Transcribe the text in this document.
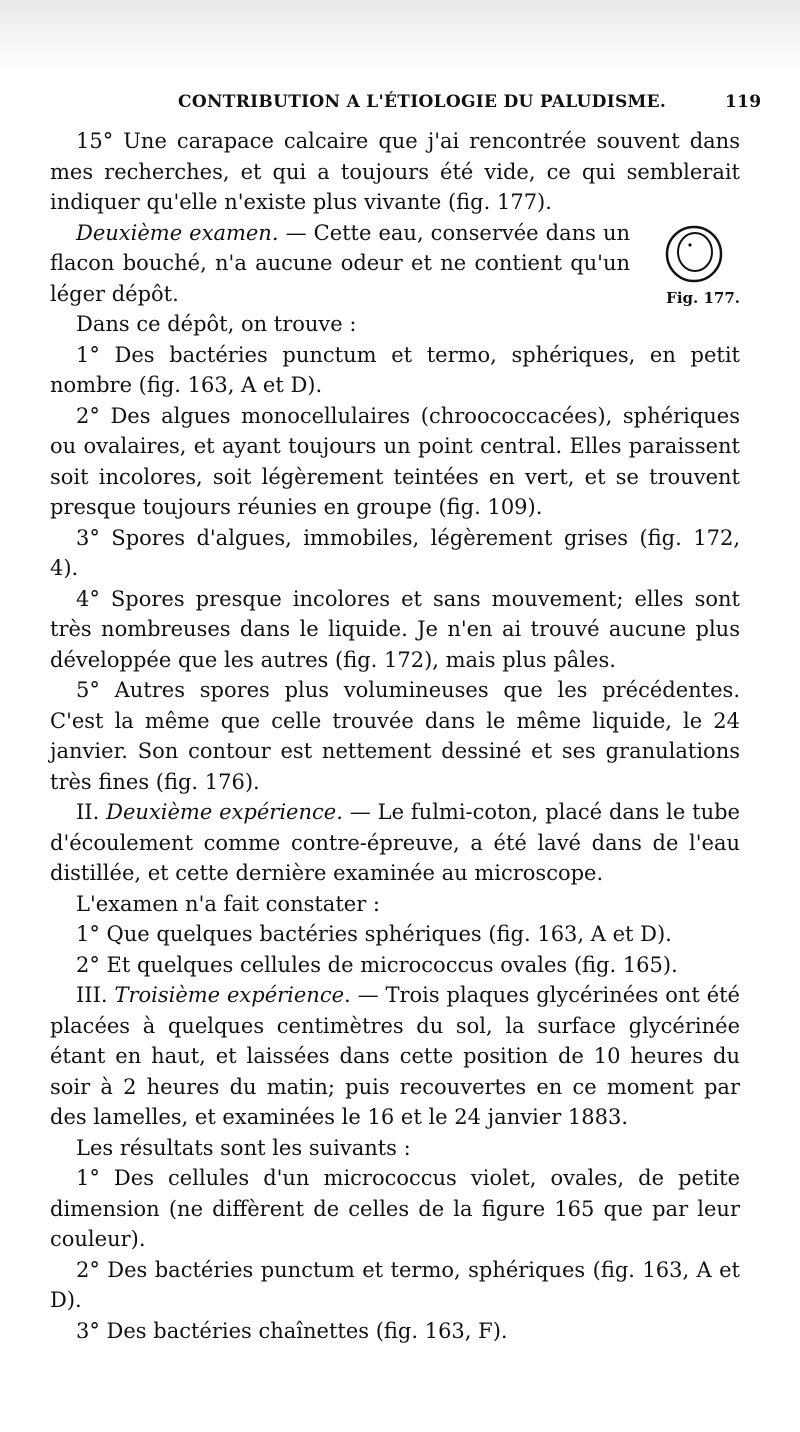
CONTRIBUTION A L'ÉTIOLOGIE DU PALUDISME.	119

15° Une carapace calcaire que j'ai rencontrée souvent dans mes recherches, et qui a toujours été vide, ce qui semblerait indiquer qu'elle n'existe plus vivante (fig. 177).

Fig. 177.

Deuxième examen. — Cette eau, conservée dans un flacon bouché, n'a aucune odeur et ne contient qu'un léger dépôt.

Dans ce dépôt, on trouve :

1° Des bactéries punctum et termo, sphériques, en petit nombre (fig. 163, A et D).

2° Des algues monocellulaires (chroococcacées), sphériques ou ovalaires, et ayant toujours un point central. Elles paraissent soit incolores, soit légèrement teintées en vert, et se trouvent presque toujours réunies en groupe (fig. 109).

3° Spores d'algues, immobiles, légèrement grises (fig. 172, 4).

4° Spores presque incolores et sans mouvement; elles sont très nombreuses dans le liquide. Je n'en ai trouvé aucune plus développée que les autres (fig. 172), mais plus pâles.

5° Autres spores plus volumineuses que les précédentes. C'est la même que celle trouvée dans le même liquide, le 24 janvier. Son contour est nettement dessiné et ses granulations très fines (fig. 176).

II. Deuxième expérience. — Le fulmi-coton, placé dans le tube d'écoulement comme contre-épreuve, a été lavé dans de l'eau distillée, et cette dernière examinée au microscope.

L'examen n'a fait constater :

1° Que quelques bactéries sphériques (fig. 163, A et D).

2° Et quelques cellules de micrococcus ovales (fig. 165).

III. Troisième expérience. — Trois plaques glycérinées ont été placées à quelques centimètres du sol, la surface glycérinée étant en haut, et laissées dans cette position de 10 heures du soir à 2 heures du matin; puis recouvertes en ce moment par des lamelles, et examinées le 16 et le 24 janvier 1883.

Les résultats sont les suivants :

1° Des cellules d'un micrococcus violet, ovales, de petite dimension (ne diffèrent de celles de la figure 165 que par leur couleur).

2° Des bactéries punctum et termo, sphériques (fig. 163, A et D).

3° Des bactéries chaînettes (fig. 163, F).
